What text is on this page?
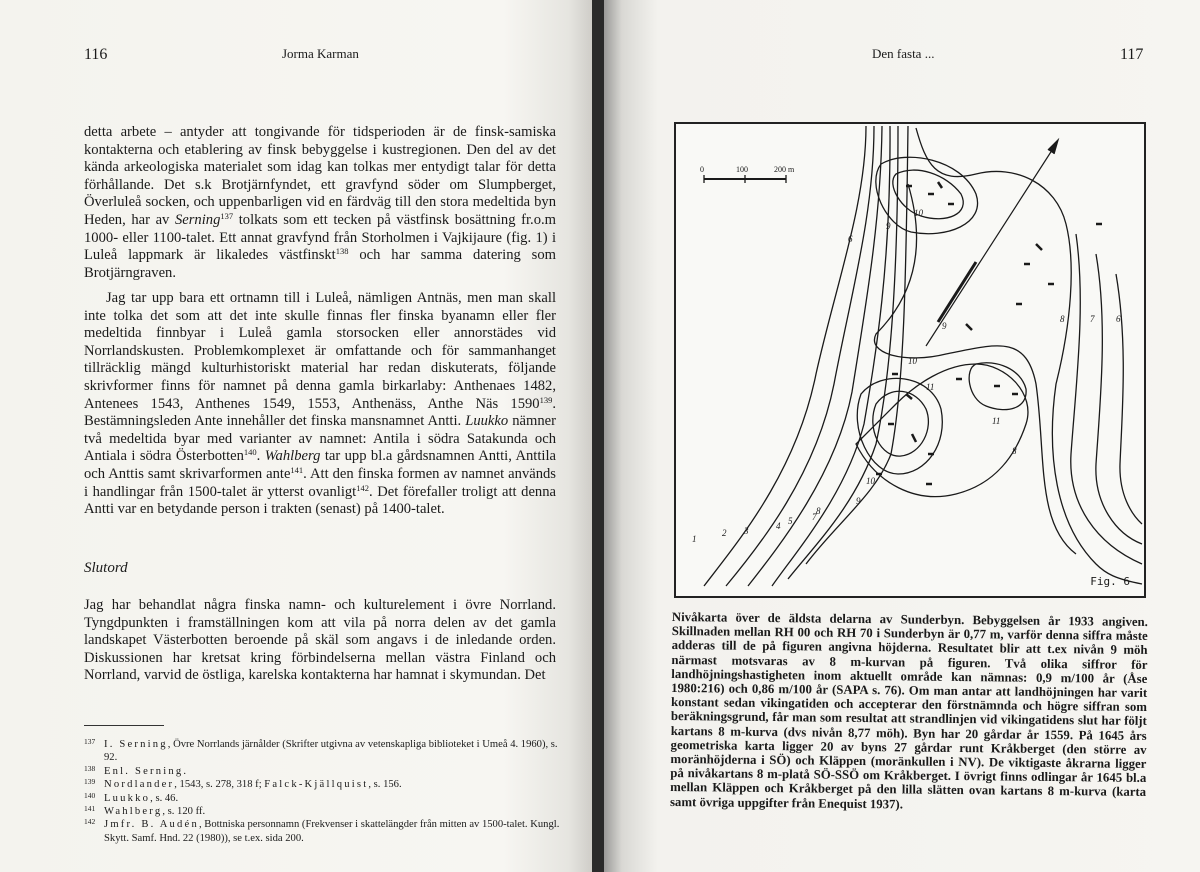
116	Jorma Karman

detta arbete – antyder att tongivande för tidsperioden är de finsk-samiska kontakterna och etablering av finsk bebyggelse i kustregionen. Den del av det kända arkeologiska materialet som idag kan tolkas mer entydigt talar för detta förhållande. Det s.k Brotjärnfyndet, ett gravfynd söder om Slumpberget, Överluleå socken, och uppenbarligen vid en färdväg till den stora medeltida byn Heden, har av Serning$^{137}$ tolkats som ett tecken på västfinsk bosättning fr.o.m 1000- eller 1100-talet. Ett annat gravfynd från Storholmen i Vajkijaure (fig. 1) i Luleå lappmark är likaledes västfinskt$^{138}$ och har samma datering som Brotjärngraven.

Jag tar upp bara ett ortnamn till i Luleå, nämligen Antnäs, men man skall inte tolka det som att det inte skulle finnas fler finska byanamn eller fler medeltida finnbyar i Luleå gamla storsocken eller annorstädes vid Norrlandskusten. Problemkomplexet är omfattande och för sammanhanget tillräcklig mängd kulturhistoriskt material har redan diskuterats, följande skrivformer finns för namnet på denna gamla birkarlaby: Anthenaes 1482, Antenees 1543, Anthenes 1549, 1553, Anthenäss, Anthe Näs 1590$^{139}$. Bestämningsleden Ante innehåller det finska mansnamnet Antti. Luukko nämner två medeltida byar med varianter av namnet: Antila i södra Satakunda och Antiala i södra Österbotten$^{140}$. Wahlberg tar upp bl.a gårdsnamnen Antti, Anttila och Anttis samt skrivarformen ante$^{141}$. Att den finska formen av namnet används i handlingar från 1500-talet är ytterst ovanligt$^{142}$. Det förefaller troligt att denna Antti var en betydande person i trakten (senast) på 1400-talet.

Slutord

Jag har behandlat några finska namn- och kulturelement i övre Norrland. Tyngdpunkten i framställningen kom att vila på norra delen av det gamla landskapet Västerbotten beroende på skäl som angavs i de inledande orden. Diskussionen har kretsat kring förbindelserna mellan västra Finland och Norrland, varvid de östliga, karelska kontakterna har hamnat i skymundan. Det

137 I. Serning, Övre Norrlands järnålder (Skrifter utgivna av vetenskapliga biblioteket i Umeå 4. 1960), s. 92.
138 Enl. Serning.
139 Nordlander, 1543, s. 278, 318 f; Falck-Kjällquist, s. 156.
140 Luukko, s. 46.
141 Wahlberg, s. 120 ff.
142 Jmfr. B. Audén, Bottniska personnamn (Frekvenser i skattelängder från mitten av 1500-talet. Kungl. Skytt. Samf. Hnd. 22 (1980)), se t.ex. sida 200.
Den fasta ...	117
0	100	200 m
1
2 3	4 5
6
7
8
9
10
11
8	7 6
9
10
10
9
11
8
Fig. 6

Nivåkarta över de äldsta delarna av Sunderbyn. Bebyggelsen år 1933 angiven. Skillnaden mellan RH 00 och RH 70 i Sunderbyn är 0,77 m, varför denna siffra måste adderas till de på figuren angivna höjderna. Resultatet blir att t.ex nivån 9 möh närmast motsvaras av 8 m-kurvan på figuren. Två olika siffror för landhöjningshastigheten inom aktuellt område kan nämnas: 0,9 m/100 år (Åse 1980:216) och 0,86 m/100 år (SAPA s. 76). Om man antar att landhöjningen har varit konstant sedan vikingatiden och accepterar den förstnämnda och högre siffran som beräkningsgrund, får man som resultat att strandlinjen vid vikingatidens slut har följt kartans 8 m-kurva (dvs nivån 8,77 möh). Byn har 20 gårdar år 1559. På 1645 års geometriska karta ligger 20 av byns 27 gårdar runt Kråkberget (den större av moränhöjderna i SÖ) och Kläppen (moränkullen i NV). De viktigaste åkrarna ligger på nivåkartans 8 m-platå SÖ-SSÖ om Kråkberget. I övrigt finns odlingar år 1645 bl.a mellan Kläppen och Kråkberget på den lilla slätten ovan kartans 8 m-kurva (karta samt övriga uppgifter från Enequist 1937).
